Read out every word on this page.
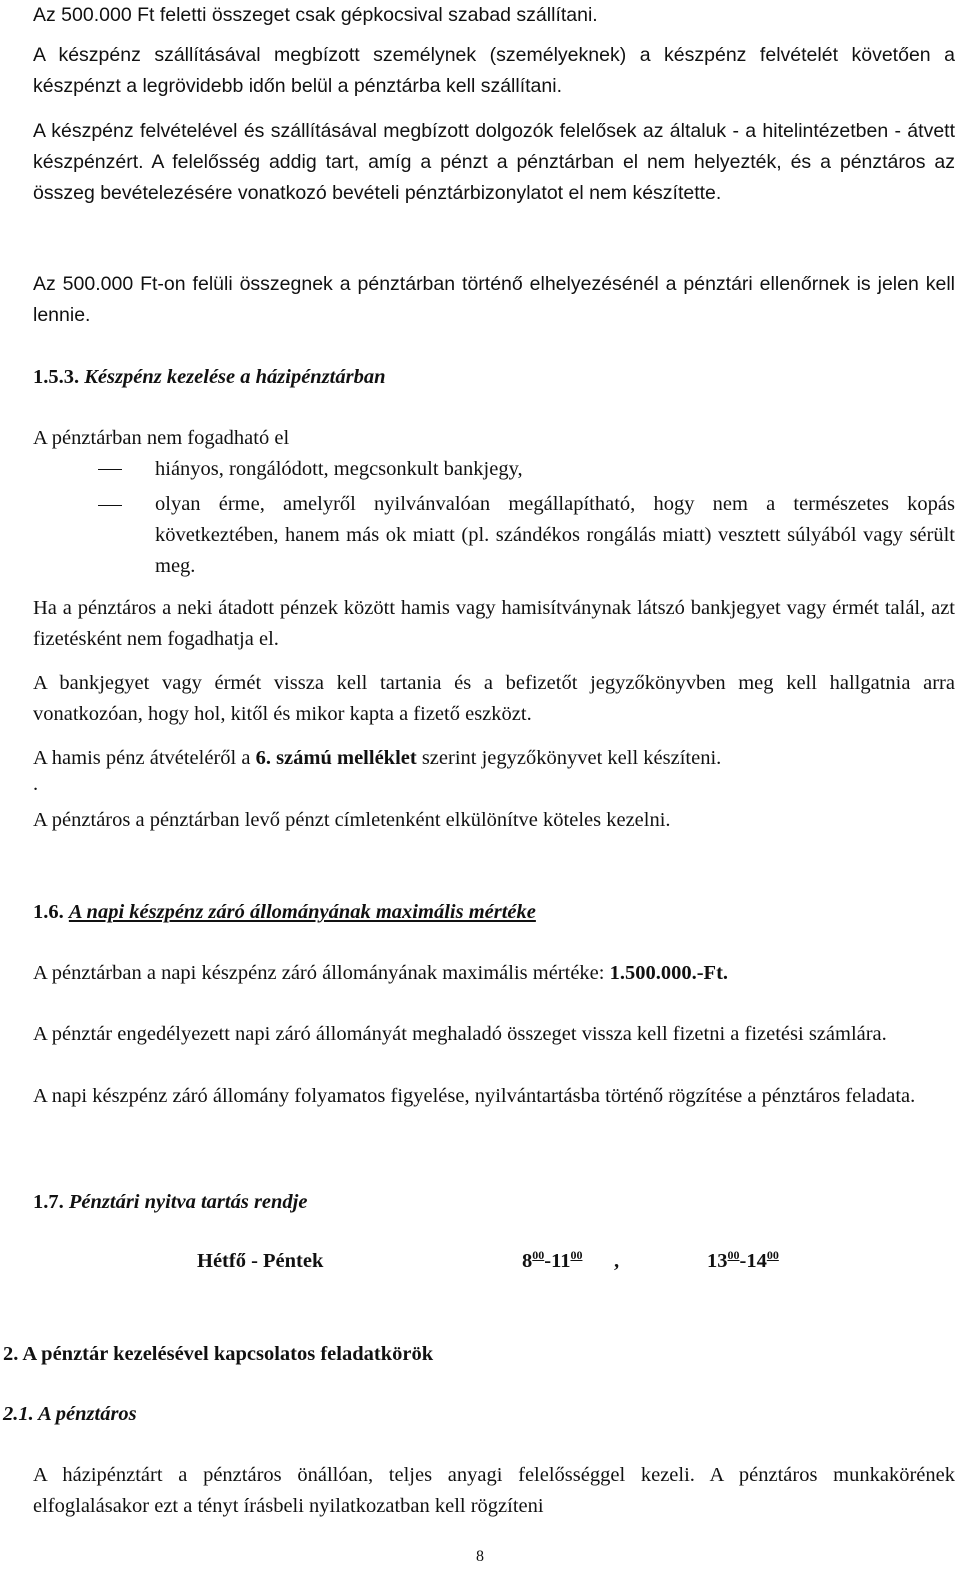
Az 500.000 Ft feletti összeget csak gépkocsival szabad szállítani.

A készpénz szállításával megbízott személynek (személyeknek) a készpénz felvételét követően a készpénzt a legrövidebb időn belül a pénztárba kell szállítani.

A készpénz felvételével és szállításával megbízott dolgozók felelősek az általuk - a hitelintézetben - átvett készpénzért. A felelősség addig tart, amíg a pénzt a pénztárban el nem helyezték, és a pénztáros az összeg bevételezésére vonatkozó bevételi pénztárbizonylatot el nem készítette.

Az 500.000 Ft-on felüli összegnek a pénztárban történő elhelyezésénél a pénztári ellenőrnek is jelen kell lennie.

1.5.3. Készpénz kezelése a házipénztárban

A pénztárban nem fogadható el

hiányos, rongálódott, megcsonkult bankjegy,

olyan érme, amelyről nyilvánvalóan megállapítható, hogy nem a természetes kopás következtében, hanem más ok miatt (pl. szándékos rongálás miatt) vesztett súlyából vagy sérült meg.

Ha a pénztáros a neki átadott pénzek között hamis vagy hamisítványnak látszó bankjegyet vagy érmét talál, azt fizetésként nem fogadhatja el.

A bankjegyet vagy érmét vissza kell tartania és a befizetőt jegyzőkönyvben meg kell hallgatnia arra vonatkozóan, hogy hol, kitől és mikor kapta a fizető eszközt.

A hamis pénz átvételéről a 6. számú melléklet szerint jegyzőkönyvet kell készíteni.

.

A pénztáros a pénztárban levő pénzt címletenként elkülönítve köteles kezelni.

1.6. A napi készpénz záró állományának maximális mértéke

A pénztárban a napi készpénz záró állományának maximális mértéke: 1.500.000.-Ft.

A pénztár engedélyezett napi záró állományát meghaladó összeget vissza kell fizetni a fizetési számlára.

A napi készpénz záró állomány folyamatos figyelése, nyilvántartásba történő rögzítése a pénztáros feladata.

1.7. Pénztári nyitva tartás rendje
Hétfő - Péntek	$8^{00}-11^{00}$ ,	$13^{00}-14^{00}$
2. A pénztár kezelésével kapcsolatos feladatkörök
2.1. A pénztáros

A házipénztárt a pénztáros önállóan, teljes anyagi felelősséggel kezeli. A pénztáros munkakörének elfoglalásakor ezt a tényt írásbeli nyilatkozatban kell rögzíteni

8
